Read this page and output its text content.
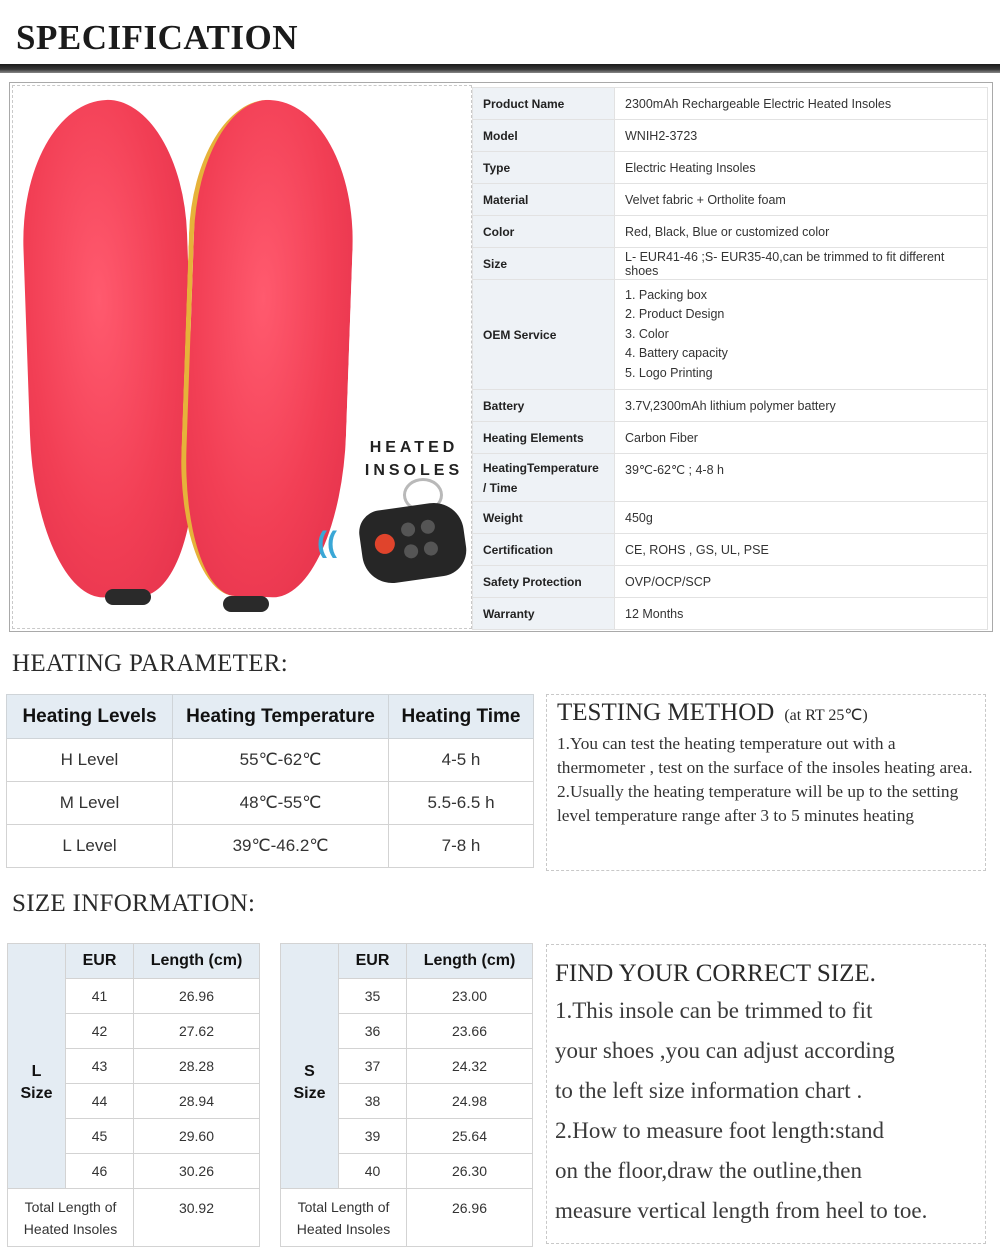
SPECIFICATION
HEATED
INSOLES
((
Product Name	2300mAh Rechargeable Electric Heated Insoles
Model	WNIH2-3723
Type	Electric Heating Insoles
Material	Velvet fabric + Ortholite foam
Color	Red, Black, Blue or customized color
Size	L- EUR41-46 ;S- EUR35-40,can be trimmed to fit different shoes
OEM Service	1. Packing box
2. Product Design
3. Color
4. Battery capacity
5. Logo Printing

Battery	3.7V,2300mAh lithium polymer battery
Heating Elements	Carbon Fiber

HeatingTemperature
/ Time	39℃-62℃ ; 4-8 h
Weight	450g
Certification	CE, ROHS , GS, UL, PSE
Safety Protection	OVP/OCP/SCP
Warranty	12 Months
HEATING PARAMETER:
Heating Levels	Heating Temperature	Heating Time
H Level	55℃-62℃	4-5 h
M Level	48℃-55℃	5.5-6.5 h
L Level	39℃-46.2℃	7-8 h
TESTING METHOD (at RT 25℃)
1.You can test the heating temperature out with a thermometer , test on the surface of the insoles heating area.
2.Usually the heating temperature will be up to the setting level temperature range after 3 to 5 minutes heating
SIZE INFORMATION:
	EUR	Length (cm)

L
Size	41	26.96
	42	27.62
	43	28.28
	44	28.94
	45	29.60
	46	30.26

Total Length of
Heated Insoles		30.92
	EUR	Length (cm)

S
Size	35	23.00
	36	23.66
	37	24.32
	38	24.98
	39	25.64
	40	26.30

Total Length of
Heated Insoles		26.96
FIND YOUR CORRECT SIZE.
1.This insole can be trimmed to fit
your shoes ,you can adjust according
to the left size information chart .
2.How to measure foot length:stand
on the floor,draw the outline,then
measure vertical length from heel to toe.
